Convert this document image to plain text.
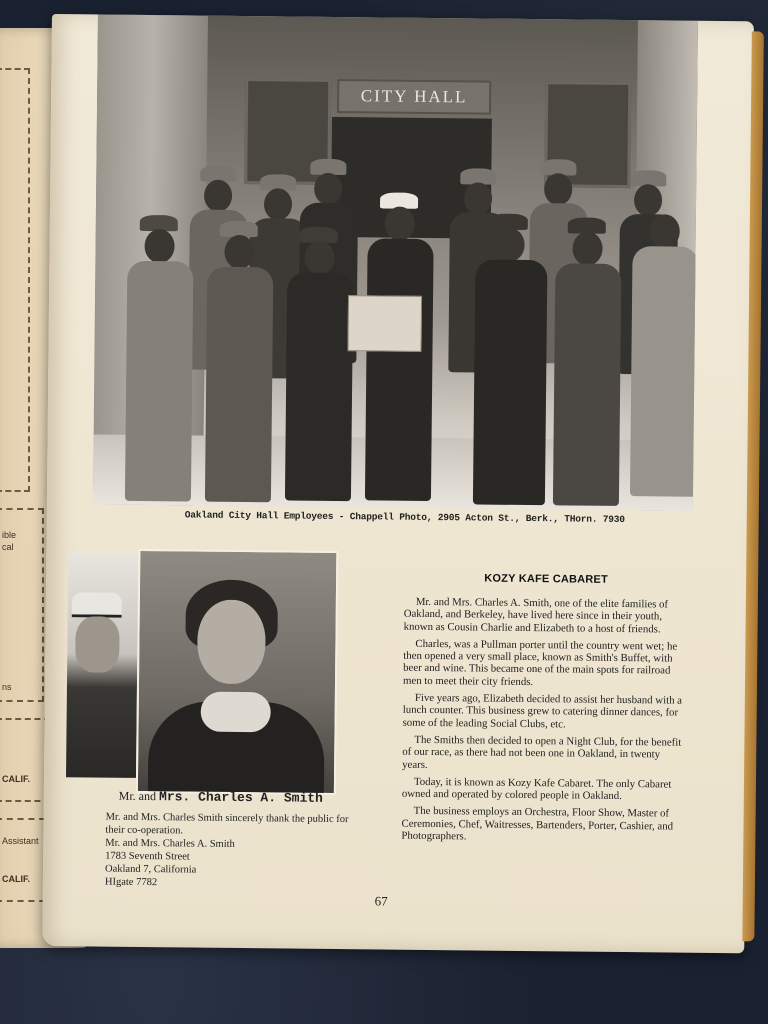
ible
cal
ns
CALIF.
Assistant
CALIF.
CITY HALL
Oakland City Hall Employees - Chappell Photo, 2905 Acton St., Berk., THorn. 7930
Mr. and Mrs. Charles A. Smith

Mr. and Mrs. Charles Smith sincerely thank the public for their co-operation.

Mr. and Mrs. Charles A. Smith

1783 Seventh Street

Oakland 7, California

HIgate 7782

KOZY KAFE CABARET

Mr. and Mrs. Charles A. Smith, one of the elite families of Oakland, and Berkeley, have lived here since in their youth, known as Cousin Charlie and Elizabeth to a host of friends.

Charles, was a Pullman porter until the country went wet; he then opened a very small place, known as Smith's Buffet, with beer and wine. This became one of the main spots for railroad men to meet their city friends.

Five years ago, Elizabeth decided to assist her husband with a lunch counter. This business grew to catering dinner dances, for some of the leading Social Clubs, etc.

The Smiths then decided to open a Night Club, for the benefit of our race, as there had not been one in Oakland, in twenty years.

Today, it is known as Kozy Kafe Cabaret. The only Cabaret owned and operated by colored people in Oakland.

The business employs an Orchestra, Floor Show, Master of Ceremonies, Chef, Waitresses, Bartenders, Porter, Cashier, and Photographers.

67
